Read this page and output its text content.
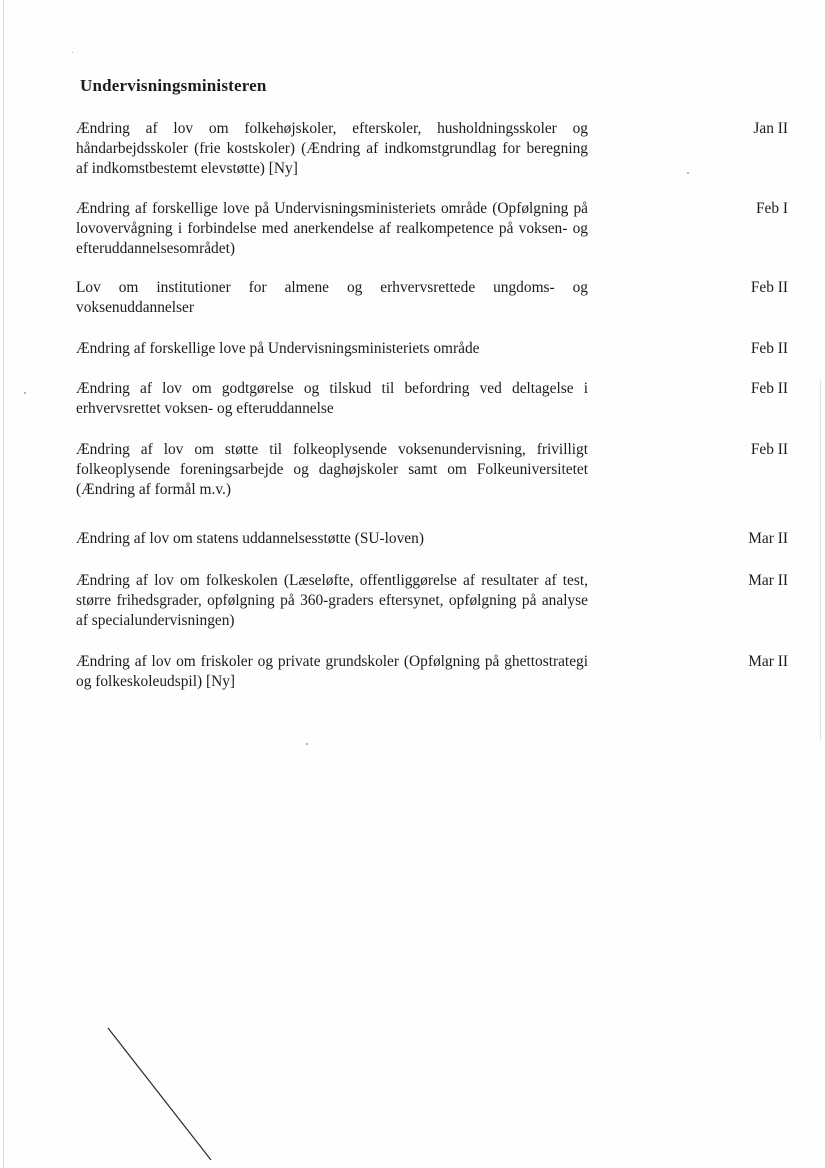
Undervisningsministeren
Ændring af lov om folkehøjskoler, efterskoler, husholdningsskoler og håndarbejdsskoler (frie kostskoler) (Ændring af indkomstgrundlag for beregning af indkomstbestemt elevstøtte) [Ny]
Jan II
Ændring af forskellige love på Undervisningsministeriets område (Opfølgning på lovovervågning i forbindelse med anerkendelse af realkompetence på voksen- og efteruddannelsesområdet)
Feb I
Lov om institutioner for almene og erhvervsrettede ungdoms- og voksenuddannelser
Feb II
Ændring af forskellige love på Undervisningsministeriets område	Feb II
Ændring af lov om godtgørelse og tilskud til befordring ved deltagelse i erhvervsrettet voksen- og efteruddannelse
Feb II
Ændring af lov om støtte til folkeoplysende voksenundervisning, frivilligt folkeoplysende foreningsarbejde og daghøjskoler samt om Folkeuniversitetet (Ændring af formål m.v.)
Feb II
Ændring af lov om statens uddannelsesstøtte (SU-loven)	Mar II
Ændring af lov om folkeskolen (Læseløfte, offentliggørelse af resultater af test, større frihedsgrader, opfølgning på 360-graders eftersynet, opfølgning på analyse af specialundervisningen)
Mar II
Ændring af lov om friskoler og private grundskoler (Opfølgning på ghettostrategi og folkeskoleudspil) [Ny]
Mar II
